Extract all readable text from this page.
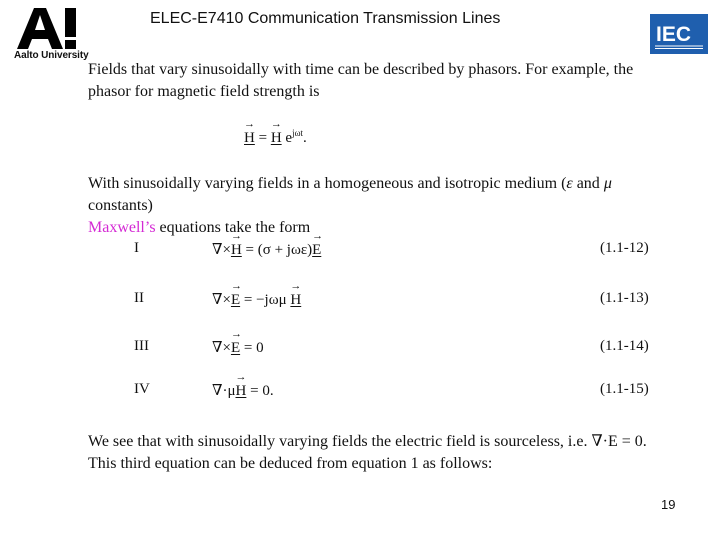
Aalto University
ELEC-E7410 Communication Transmission Lines
IEC
Fields that vary sinusoidally with time can be described by phasors. For example, the phasor for magnetic field strength is
→ H = → H $e^{j\omega t}$.
With sinusoidally varying fields in a homogeneous and isotropic medium (ε and μ constants)
Maxwell’s equations take the form
I	∇×→ H = (σ + jωε)→ E	(1.1-12)
II	∇×→ E = −jωμ → H	(1.1-13)
III	∇×→ E = 0	(1.1-14)
IV	∇·μ→ H = 0.	(1.1-15)
We see that with sinusoidally varying fields the electric field is sourceless, i.e. ∇·E = 0. This third equation can be deduced from equation 1 as follows:
19
